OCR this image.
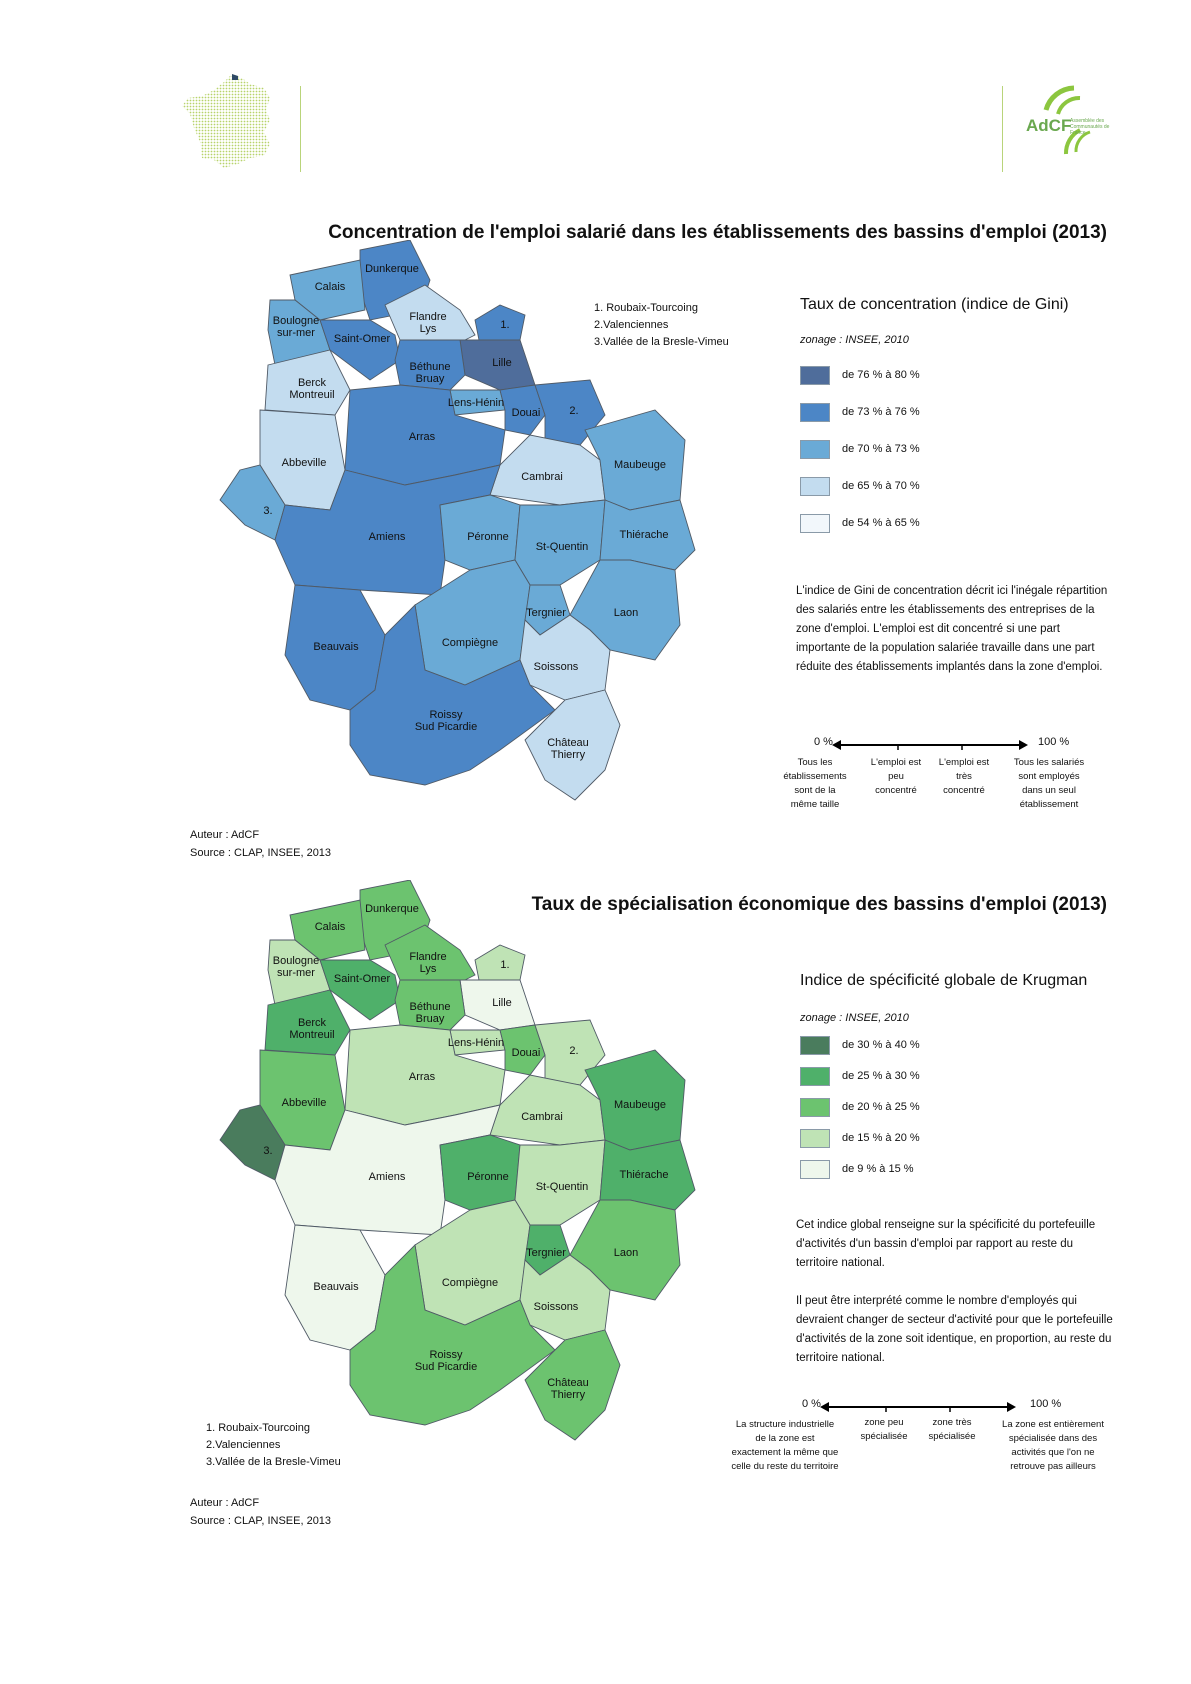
AdCF
Assemblée des Communautés de France
Concentration de l'emploi salarié dans les établissements des bassins d'emploi (2013)
Dunkerque
Calais
Boulogne sur-mer	Saint-Omer
Flandre Lys	1.
Lille
Berck Montreuil
Béthune Bruay
Lens-Hénin
Douai	2.
Arras
Abbeville
3.
Cambrai
Maubeuge
Amiens	Péronne
St-Quentin
Thiérache
Beauvais	Compiègne
Tergnier	Laon
Soissons
Roissy Sud Picardie
Château Thierry
1. Roubaix-Tourcoing
2.Valenciennes
3.Vallée de la Bresle-Vimeu
Taux de concentration (indice de Gini)
zonage : INSEE, 2010
de 76 % à 80 %
de 73 % à 76 %
de 70 % à 73 %
de 65 % à 70 %
de 54 % à 65 %
L'indice de Gini de concentration décrit ici l'inégale répartition des salariés entre les établissements des entreprises de la zone d'emploi. L'emploi est dit concentré si une part importante de la population salariée travaille dans une part réduite des établissements implantés dans la zone d'emploi.
0 %	100 %
Tous les établissements sont de la même taille
L'emploi est peu concentré
L'emploi est très concentré
Tous les salariés sont employés dans un seul établissement
Auteur : AdCF
Source : CLAP, INSEE, 2013
Taux de spécialisation économique des bassins d'emploi (2013)
Dunkerque
Calais
Boulogne sur-mer	Saint-Omer
Flandre Lys	1.
Lille
Berck Montreuil
Béthune Bruay
Lens-Hénin
Douai	2.
Arras
Abbeville
3.
Cambrai
Maubeuge
Amiens	Péronne
St-Quentin
Thiérache
Beauvais	Compiègne
Tergnier	Laon
Soissons
Roissy Sud Picardie
Château Thierry
Indice de spécificité globale de Krugman
zonage : INSEE, 2010
de 30 % à 40 %
de 25 % à 30 %
de 20 % à 25 %
de 15 % à 20 %
de 9 % à 15 %
Cet indice global renseigne sur la spécificité du portefeuille d'activités d'un bassin d'emploi par rapport au reste du territoire national.
Il peut être interprété comme le nombre d'employés qui devraient changer de secteur d'activité pour que le portefeuille d'activités de la zone soit identique, en proportion, au reste du territoire national.
0 %	100 %
La structure industrielle de la zone est exactement la même que celle du reste du territoire
zone peu spécialisée
zone très spécialisée
La zone est entièrement spécialisée dans des activités que l'on ne retrouve pas ailleurs
1. Roubaix-Tourcoing
2.Valenciennes
3.Vallée de la Bresle-Vimeu
Auteur : AdCF
Source : CLAP, INSEE, 2013
